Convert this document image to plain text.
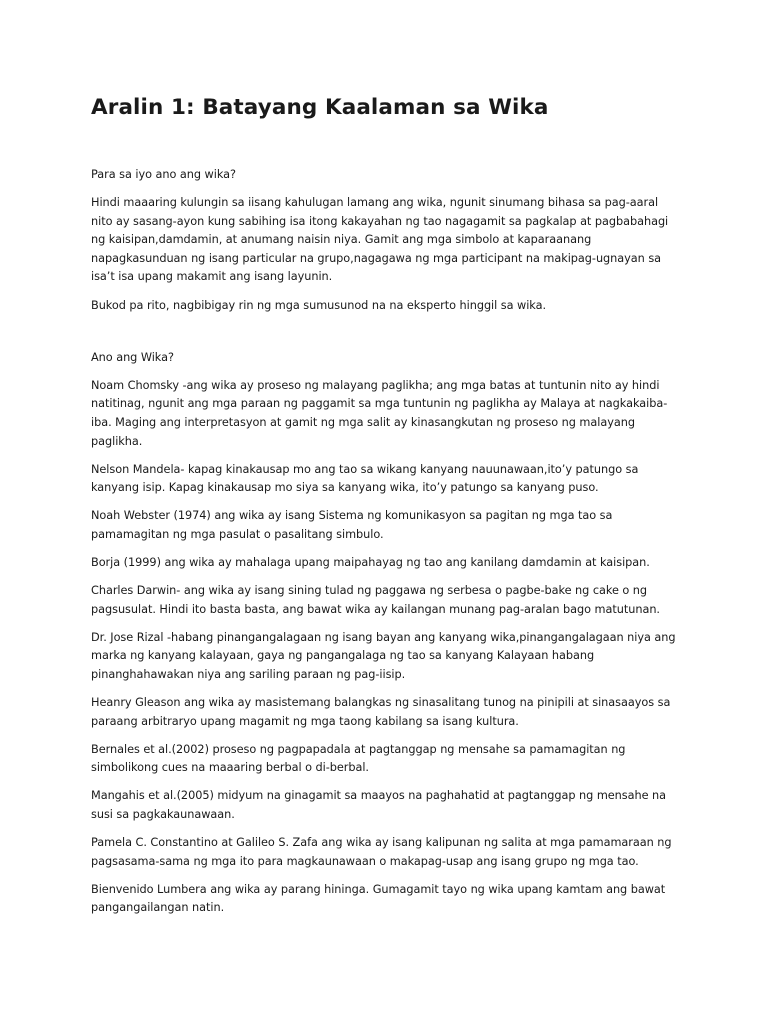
Aralin 1: Batayang Kaalaman sa Wika

Para sa iyo ano ang wika?

Hindi maaaring kulungin sa iisang kahulugan lamang ang wika, ngunit sinumang bihasa sa pag-aaral nito ay sasang-ayon kung sabihing isa itong kakayahan ng tao nagagamit sa pagkalap at pagbabahagi ng kaisipan,damdamin, at anumang naisin niya. Gamit ang mga simbolo at kaparaanang napagkasunduan ng isang particular na grupo,nagagawa ng mga participant na makipag-ugnayan sa isa’t isa upang makamit ang isang layunin.

Bukod pa rito, nagbibigay rin ng mga sumusunod na na eksperto hinggil sa wika.

Ano ang Wika?

Noam Chomsky -ang wika ay proseso ng malayang paglikha; ang mga batas at tuntunin nito ay hindi natitinag, ngunit ang mga paraan ng paggamit sa mga tuntunin ng paglikha ay Malaya at nagkakaiba-iba. Maging ang interpretasyon at gamit ng mga salit ay kinasangkutan ng proseso ng malayang paglikha.

Nelson Mandela- kapag kinakausap mo ang tao sa wikang kanyang nauunawaan,ito’y patungo sa kanyang isip. Kapag kinakausap mo siya sa kanyang wika, ito’y patungo sa kanyang puso.

Noah Webster (1974) ang wika ay isang Sistema ng komunikasyon sa pagitan ng mga tao sa pamamagitan ng mga pasulat o pasalitang simbulo.

Borja (1999) ang wika ay mahalaga upang maipahayag ng tao ang kanilang damdamin at kaisipan.

Charles Darwin- ang wika ay isang sining tulad ng paggawa ng serbesa o pagbe-bake ng cake o ng pagsusulat. Hindi ito basta basta, ang bawat wika ay kailangan munang pag-aralan bago matutunan.

Dr. Jose Rizal -habang pinangangalagaan ng isang bayan ang kanyang wika,pinangangalagaan niya ang marka ng kanyang kalayaan, gaya ng pangangalaga ng tao sa kanyang Kalayaan habang pinanghahawakan niya ang sariling paraan ng pag-iisip.

Heanry Gleason ang wika ay masistemang balangkas ng sinasalitang tunog na pinipili at sinasaayos sa paraang arbitraryo upang magamit ng mga taong kabilang sa isang kultura.

Bernales et al.(2002) proseso ng pagpapadala at pagtanggap ng mensahe sa pamamagitan ng simbolikong cues na maaaring berbal o di-berbal.

Mangahis et al.(2005) midyum na ginagamit sa maayos na paghahatid at pagtanggap ng mensahe na susi sa pagkakaunawaan.

Pamela C. Constantino at Galileo S. Zafa ang wika ay isang kalipunan ng salita at mga pamamaraan ng pagsasama-sama ng mga ito para magkaunawaan o makapag-usap ang isang grupo ng mga tao.

Bienvenido Lumbera ang wika ay parang hininga. Gumagamit tayo ng wika upang kamtam ang bawat pangangailangan natin.
